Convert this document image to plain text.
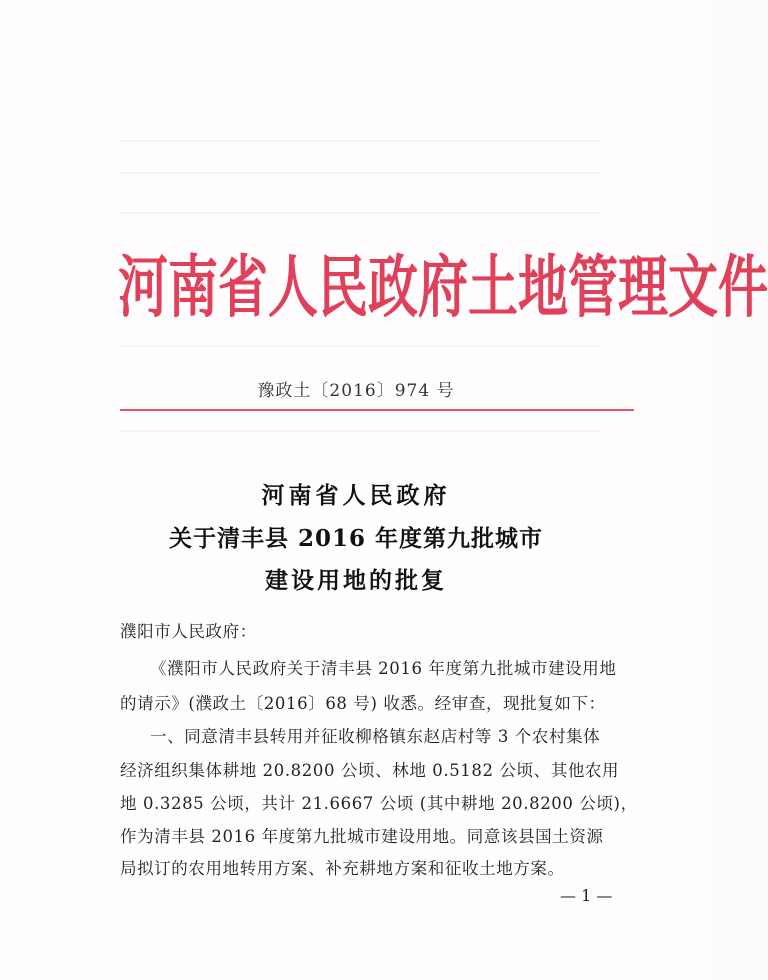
河 南 省 人 民 政 府 土 地 管 理 文 件
豫政土〔2016〕974 号
河南省人民政府
关于清丰县 2016 年度第九批城市
建设用地的批复
濮阳市人民政府：
《濮阳市人民政府关于清丰县 2016 年度第九批城市建设用地
的请示》(濮政土〔2016〕68 号) 收悉。经审查，现批复如下：
一、同意清丰县转用并征收柳格镇东赵店村等 3 个农村集体
经济组织集体耕地 20.8200 公顷、林地 0.5182 公顷、其他农用
地 0.3285 公顷，共计 21.6667 公顷 (其中耕地 20.8200 公顷)，
作为清丰县 2016 年度第九批城市建设用地。同意该县国土资源
局拟订的农用地转用方案、补充耕地方案和征收土地方案。
— 1 —
